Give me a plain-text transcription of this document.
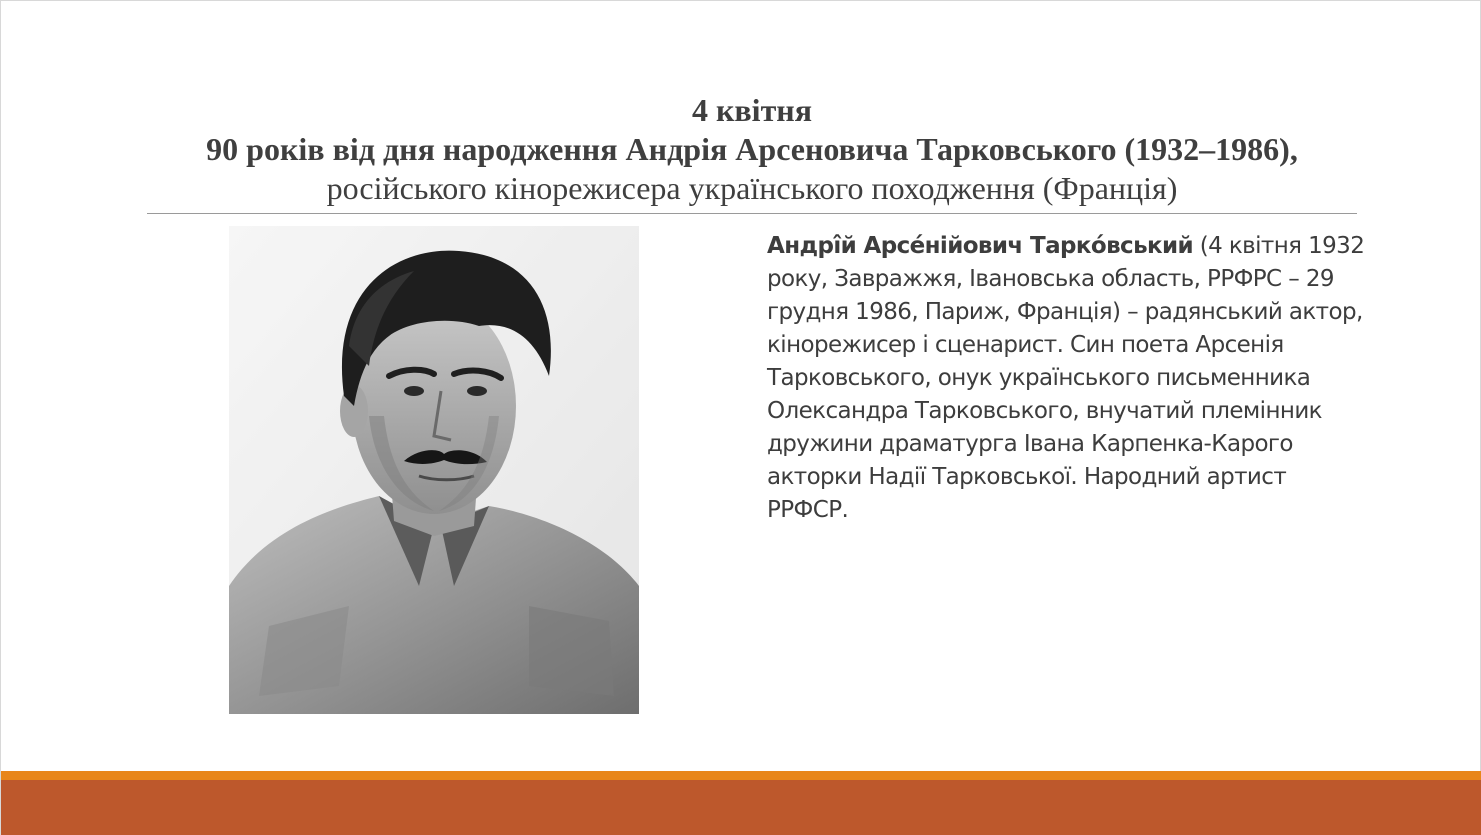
4 квітня
90 років від дня народження Андрія Арсеновича Тарковського (1932–1986), російського кінорежисера українського походження (Франція)
Андрі̂й Арсе́нійович Тарко́вський (4 квітня 1932 року, Завражжя, Івановська область, РРФРС – 29 грудня 1986, Париж, Франція) – радянський актор, кінорежисер і сценарист. Син поета Арсенія Тарковського, онук українського письменника Олександра Тарковського, внучатий племінник дружини драматурга Івана Карпенка-Карого акторки Надії Тарковської. Народний артист РРФСР.
